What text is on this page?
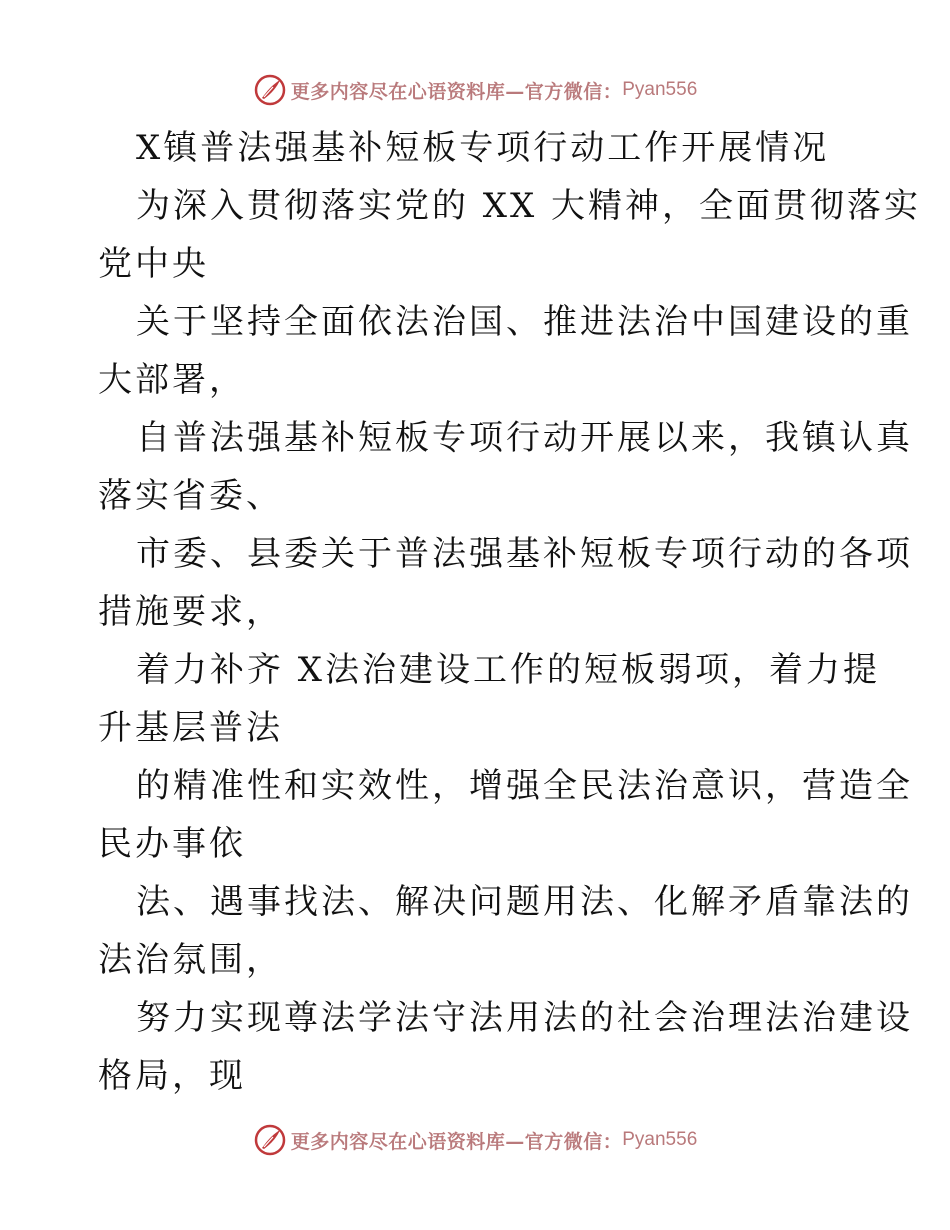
更多内容尽在心语资料库—官方微信： Pyan556
X镇普法强基补短板专项行动工作开展情况
为深入贯彻落实党的 XX 大精神，全面贯彻落实
党中央
关于坚持全面依法治国、推进法治中国建设的重
大部署，
自普法强基补短板专项行动开展以来，我镇认真
落实省委、
市委、县委关于普法强基补短板专项行动的各项
措施要求，
着力补齐 X法治建设工作的短板弱项，着力提
升基层普法
的精准性和实效性，增强全民法治意识，营造全
民办事依
法、遇事找法、解决问题用法、化解矛盾靠法的
法治氛围，
努力实现尊法学法守法用法的社会治理法治建设
格局，现
更多内容尽在心语资料库—官方微信： Pyan556
